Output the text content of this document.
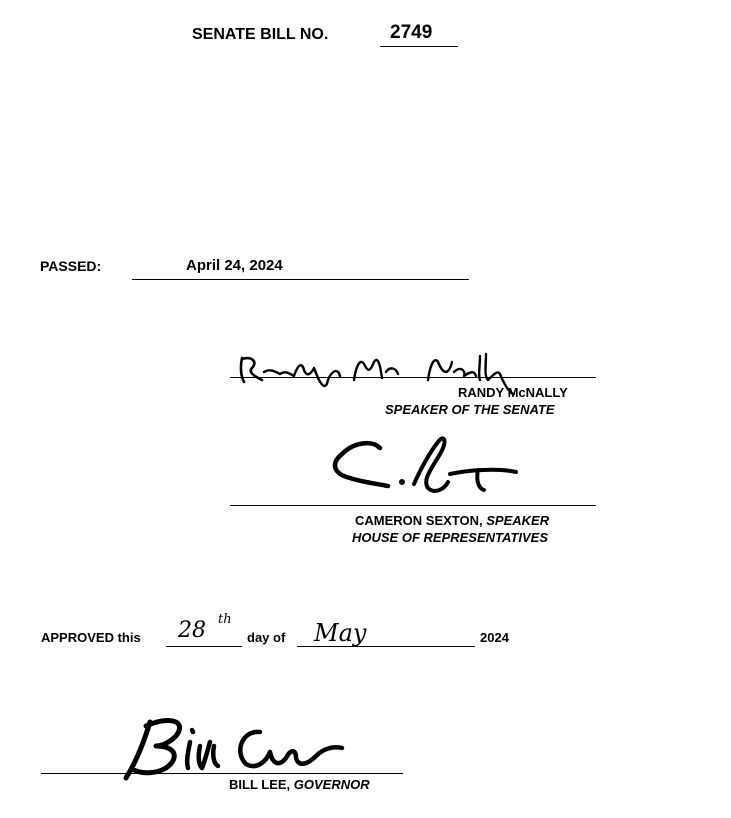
SENATE BILL NO.	2749
PASSED:	April 24, 2024
RANDY McNALLY
SPEAKER OF THE SENATE
CAMERON SEXTON, SPEAKER
HOUSE OF REPRESENTATIVES
APPROVED this 28 th
day of May	2024
BILL LEE, GOVERNOR
